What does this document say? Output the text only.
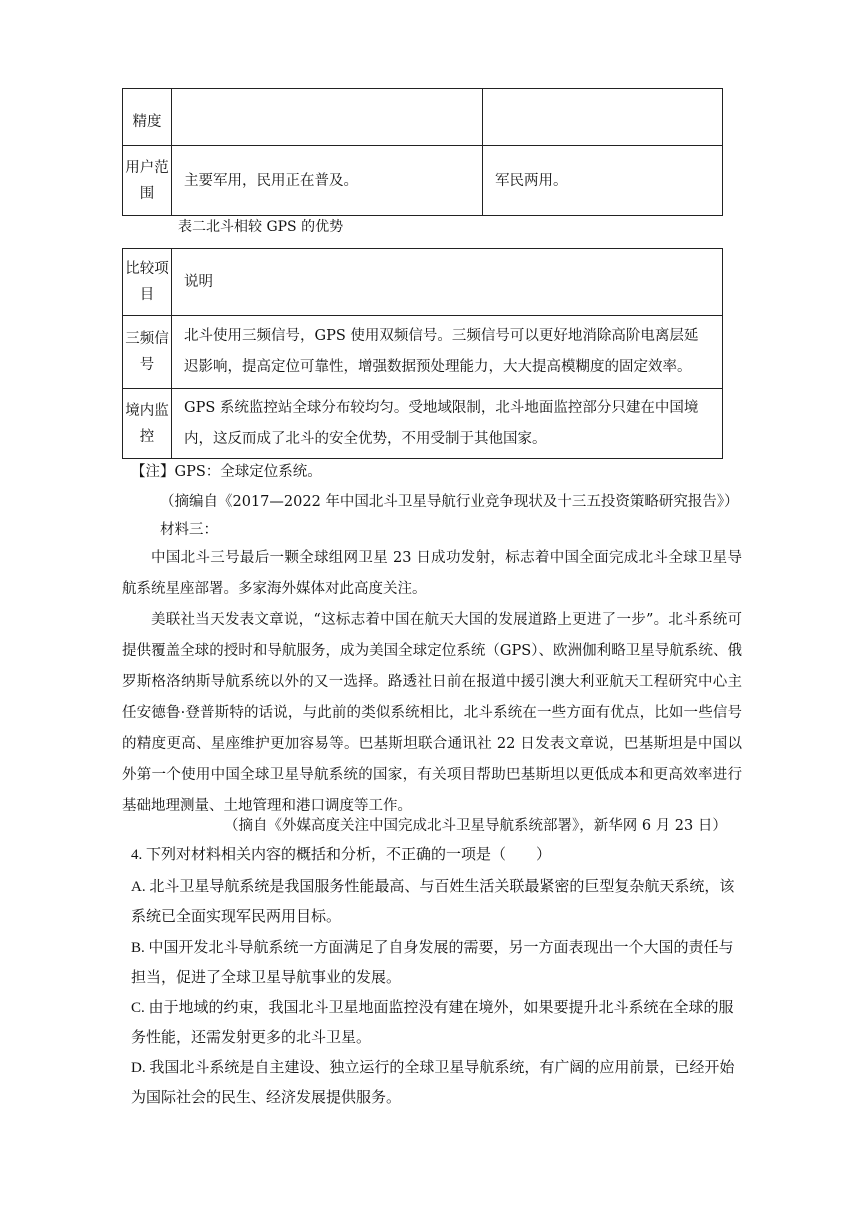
精度		
用户范围	主要军用，民用正在普及。	军民两用。
表二北斗相较 GPS 的优势
比较项目	说明
三频信号	北斗使用三频信号，GPS 使用双频信号。三频信号可以更好地消除高阶电离层延迟影响，提高定位可靠性，增强数据预处理能力，大大提高模糊度的固定效率。
境内监控	GPS 系统监控站全球分布较均匀。受地域限制，北斗地面监控部分只建在中国境内，这反而成了北斗的安全优势，不用受制于其他国家。
【注】GPS：全球定位系统。
（摘编自《2017—2022 年中国北斗卫星导航行业竞争现状及十三五投资策略研究报告》）
材料三：
中国北斗三号最后一颗全球组网卫星 23 日成功发射，标志着中国全面完成北斗全球卫星导航系统星座部署。多家海外媒体对此高度关注。
美联社当天发表文章说，“这标志着中国在航天大国的发展道路上更进了一步”。北斗系统可提供覆盖全球的授时和导航服务，成为美国全球定位系统（GPS）、欧洲伽利略卫星导航系统、俄罗斯格洛纳斯导航系统以外的又一选择。路透社日前在报道中援引澳大利亚航天工程研究中心主任安德鲁·登普斯特的话说，与此前的类似系统相比，北斗系统在一些方面有优点，比如一些信号的精度更高、星座维护更加容易等。巴基斯坦联合通讯社 22 日发表文章说，巴基斯坦是中国以外第一个使用中国全球卫星导航系统的国家，有关项目帮助巴基斯坦以更低成本和更高效率进行基础地理测量、土地管理和港口调度等工作。
（摘自《外媒高度关注中国完成北斗卫星导航系统部署》，新华网 6 月 23 日）
4. 下列对材料相关内容的概括和分析，不正确的一项是（　　）
A. 北斗卫星导航系统是我国服务性能最高、与百姓生活关联最紧密的巨型复杂航天系统，该系统已全面实现军民两用目标。
B. 中国开发北斗导航系统一方面满足了自身发展的需要，另一方面表现出一个大国的责任与担当，促进了全球卫星导航事业的发展。
C. 由于地域的约束，我国北斗卫星地面监控没有建在境外，如果要提升北斗系统在全球的服务性能，还需发射更多的北斗卫星。
D. 我国北斗系统是自主建设、独立运行的全球卫星导航系统，有广阔的应用前景，已经开始为国际社会的民生、经济发展提供服务。
